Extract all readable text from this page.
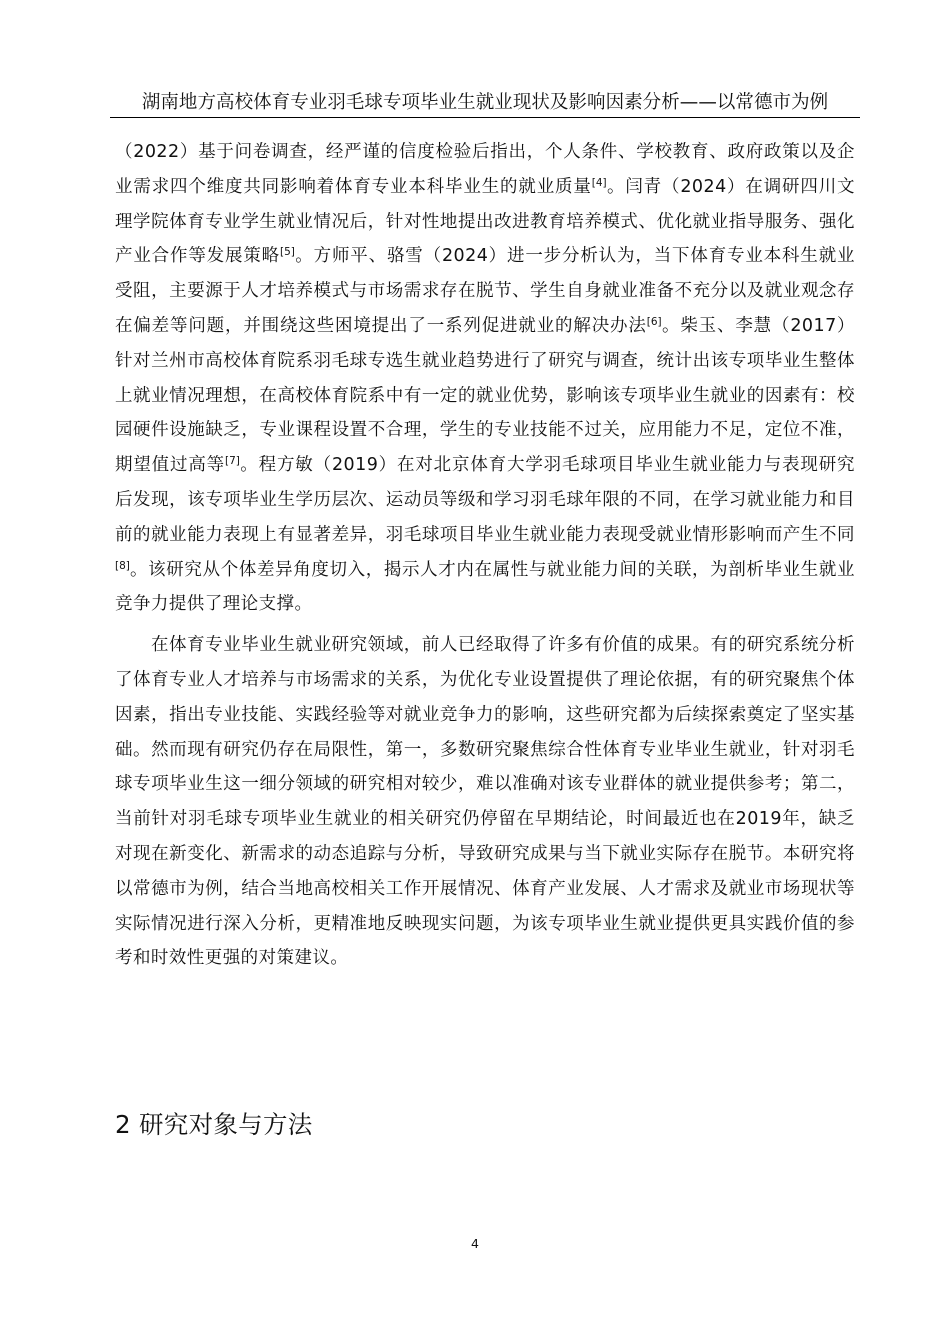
湖南地方高校体育专业羽毛球专项毕业生就业现状及影响因素分析——以常德市为例

（2022）基于问卷调查，经严谨的信度检验后指出，个人条件、学校教育、政府政策以及企业需求四个维度共同影响着体育专业本科毕业生的就业质量[4]。闫青（2024）在调研四川文理学院体育专业学生就业情况后，针对性地提出改进教育培养模式、优化就业指导服务、强化产业合作等发展策略[5]。方师平、骆雪（2024）进一步分析认为，当下体育专业本科生就业受阻，主要源于人才培养模式与市场需求存在脱节、学生自身就业准备不充分以及就业观念存在偏差等问题，并围绕这些困境提出了一系列促进就业的解决办法[6]。柴玉、李慧（2017）针对兰州市高校体育院系羽毛球专选生就业趋势进行了研究与调查，统计出该专项毕业生整体上就业情况理想，在高校体育院系中有一定的就业优势，影响该专项毕业生就业的因素有：校园硬件设施缺乏，专业课程设置不合理，学生的专业技能不过关，应用能力不足，定位不准，期望值过高等[7]。程方敏（2019）在对北京体育大学羽毛球项目毕业生就业能力与表现研究后发现，该专项毕业生学历层次、运动员等级和学习羽毛球年限的不同，在学习就业能力和目前的就业能力表现上有显著差异，羽毛球项目毕业生就业能力表现受就业情形影响而产生不同[8]。该研究从个体差异角度切入，揭示人才内在属性与就业能力间的关联，为剖析毕业生就业竞争力提供了理论支撑。

在体育专业毕业生就业研究领域，前人已经取得了许多有价值的成果。有的研究系统分析了体育专业人才培养与市场需求的关系，为优化专业设置提供了理论依据，有的研究聚焦个体因素，指出专业技能、实践经验等对就业竞争力的影响，这些研究都为后续探索奠定了坚实基础。然而现有研究仍存在局限性，第一，多数研究聚焦综合性体育专业毕业生就业，针对羽毛球专项毕业生这一细分领域的研究相对较少，难以准确对该专业群体的就业提供参考；第二，当前针对羽毛球专项毕业生就业的相关研究仍停留在早期结论，时间最近也在2019年，缺乏对现在新变化、新需求的动态追踪与分析，导致研究成果与当下就业实际存在脱节。本研究将以常德市为例，结合当地高校相关工作开展情况、体育产业发展、人才需求及就业市场现状等实际情况进行深入分析，更精准地反映现实问题，为该专项毕业生就业提供更具实践价值的参考和时效性更强的对策建议。

2 研究对象与方法
4
